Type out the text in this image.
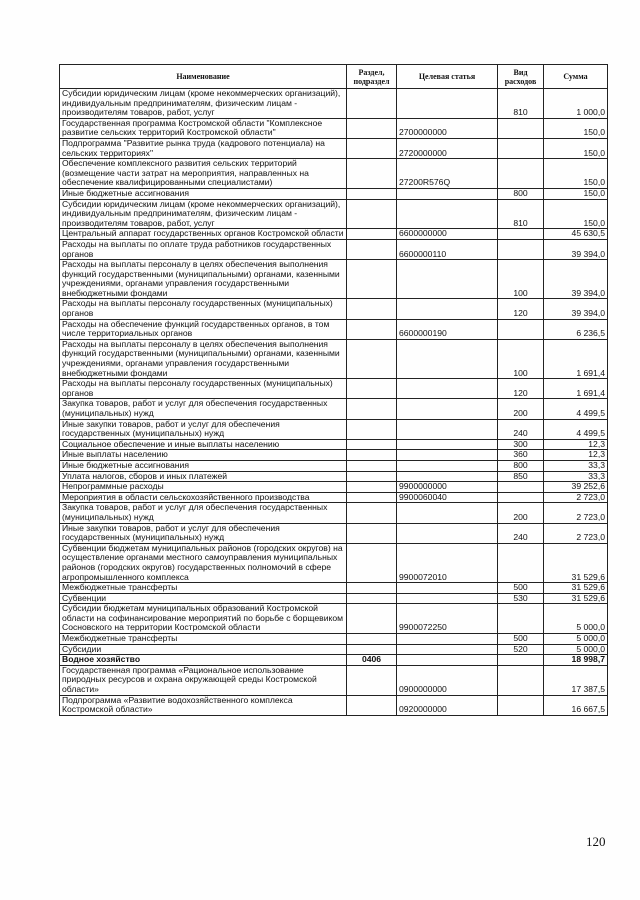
Наименование	Раздел, подраздел	Целевая статья	Вид расходов	Сумма
Субсидии юридическим лицам (кроме некоммерческих организаций), индивидуальным предпринимателям, физическим лицам - производителям товаров, работ, услуг			810	1 000,0
Государственная программа Костромской области "Комплексное развитие сельских территорий Костромской области"		2700000000		150,0
Подпрограмма "Развитие рынка труда (кадрового потенциала) на сельских территориях"		2720000000		150,0
Обеспечение комплексного развития сельских территорий (возмещение части затрат на мероприятия, направленных на обеспечение квалифицированными специалистами)		27200R576Q		150,0
Иные бюджетные ассигнования			800	150,0
Субсидии юридическим лицам (кроме некоммерческих организаций), индивидуальным предпринимателям, физическим лицам - производителям товаров, работ, услуг			810	150,0
Центральный аппарат государственных органов Костромской области		6600000000		45 630,5
Расходы на выплаты по оплате труда работников государственных органов		6600000110		39 394,0
Расходы на выплаты персоналу в целях обеспечения выполнения функций государственными (муниципальными) органами, казенными учреждениями, органами управления государственными внебюджетными фондами			100	39 394,0
Расходы на выплаты персоналу государственных (муниципальных) органов			120	39 394,0
Расходы на обеспечение функций государственных органов, в том числе территориальных органов		6600000190		6 236,5
Расходы на выплаты персоналу в целях обеспечения выполнения функций государственными (муниципальными) органами, казенными учреждениями, органами управления государственными внебюджетными фондами			100	1 691,4
Расходы на выплаты персоналу государственных (муниципальных) органов			120	1 691,4
Закупка товаров, работ и услуг для обеспечения государственных (муниципальных) нужд			200	4 499,5
Иные закупки товаров, работ и услуг для обеспечения государственных (муниципальных) нужд			240	4 499,5
Социальное обеспечение и иные выплаты населению			300	12,3
Иные выплаты населению			360	12,3
Иные бюджетные ассигнования			800	33,3
Уплата налогов, сборов и иных платежей			850	33,3
Непрограммные расходы		9900000000		39 252,6
Мероприятия в области сельскохозяйственного производства		9900060040		2 723,0
Закупка товаров, работ и услуг для обеспечения государственных (муниципальных) нужд			200	2 723,0
Иные закупки товаров, работ и услуг для обеспечения государственных (муниципальных) нужд			240	2 723,0
Субвенции бюджетам муниципальных районов (городских округов) на осуществление органами местного самоуправления муниципальных районов (городских округов) государственных полномочий в сфере агропромышленного комплекса		9900072010		31 529,6
Межбюджетные трансферты			500	31 529,6
Субвенции			530	31 529,6
Субсидии бюджетам муниципальных образований Костромской области на софинансирование мероприятий по борьбе с борщевиком Сосновского на территории Костромской области		9900072250		5 000,0
Межбюджетные трансферты			500	5 000,0
Субсидии			520	5 000,0
Водное хозяйство	0406			18 998,7
Государственная программа «Рациональное использование природных ресурсов и охрана окружающей среды Костромской области»		0900000000		17 387,5
Подпрограмма «Развитие водохозяйственного комплекса Костромской области»		0920000000		16 667,5
120
